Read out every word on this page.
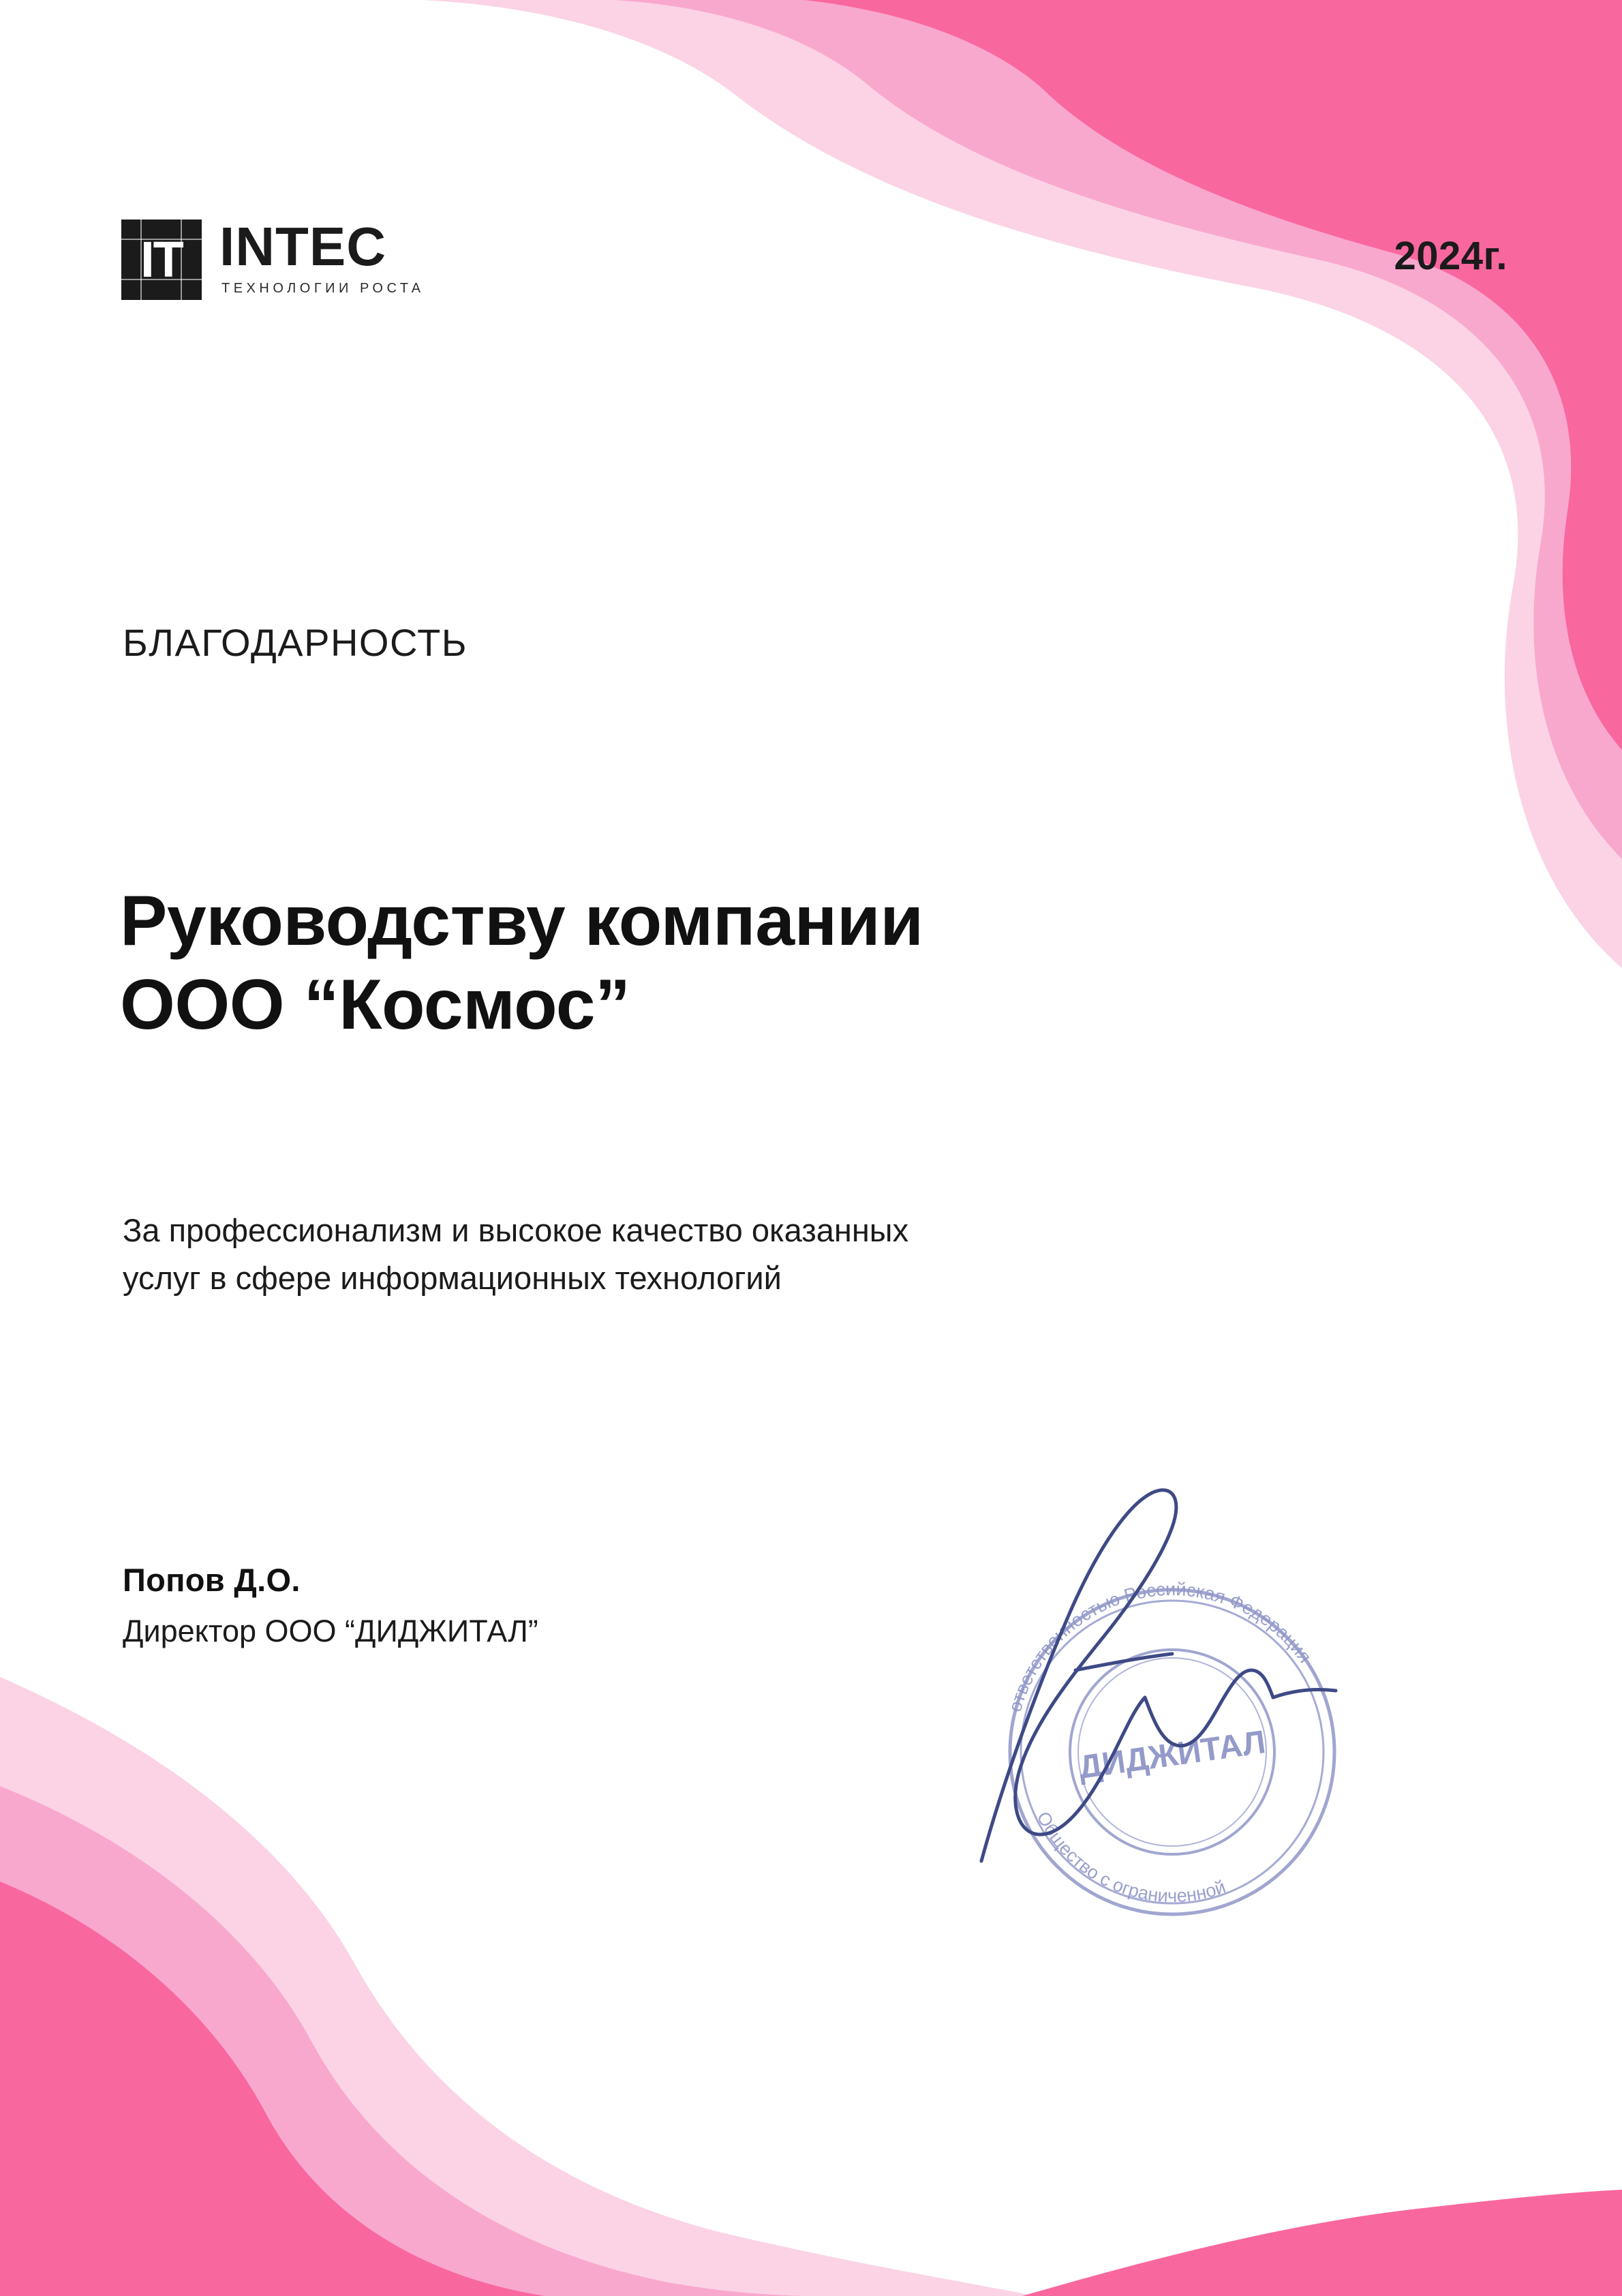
IT INTEC
ТЕХНОЛОГИИ РОСТА
2024г.
БЛАГОДАРНОСТЬ
Руководству компании
ООО “Космос”
За профессионализм и высокое качество оказанных
услуг в сфере информационных технологий
Попов Д.О.
Директор ООО “ДИДЖИТАЛ”
ответственностью Российская Федерация
Общество с ограниченной
ДИДЖИТАЛ
